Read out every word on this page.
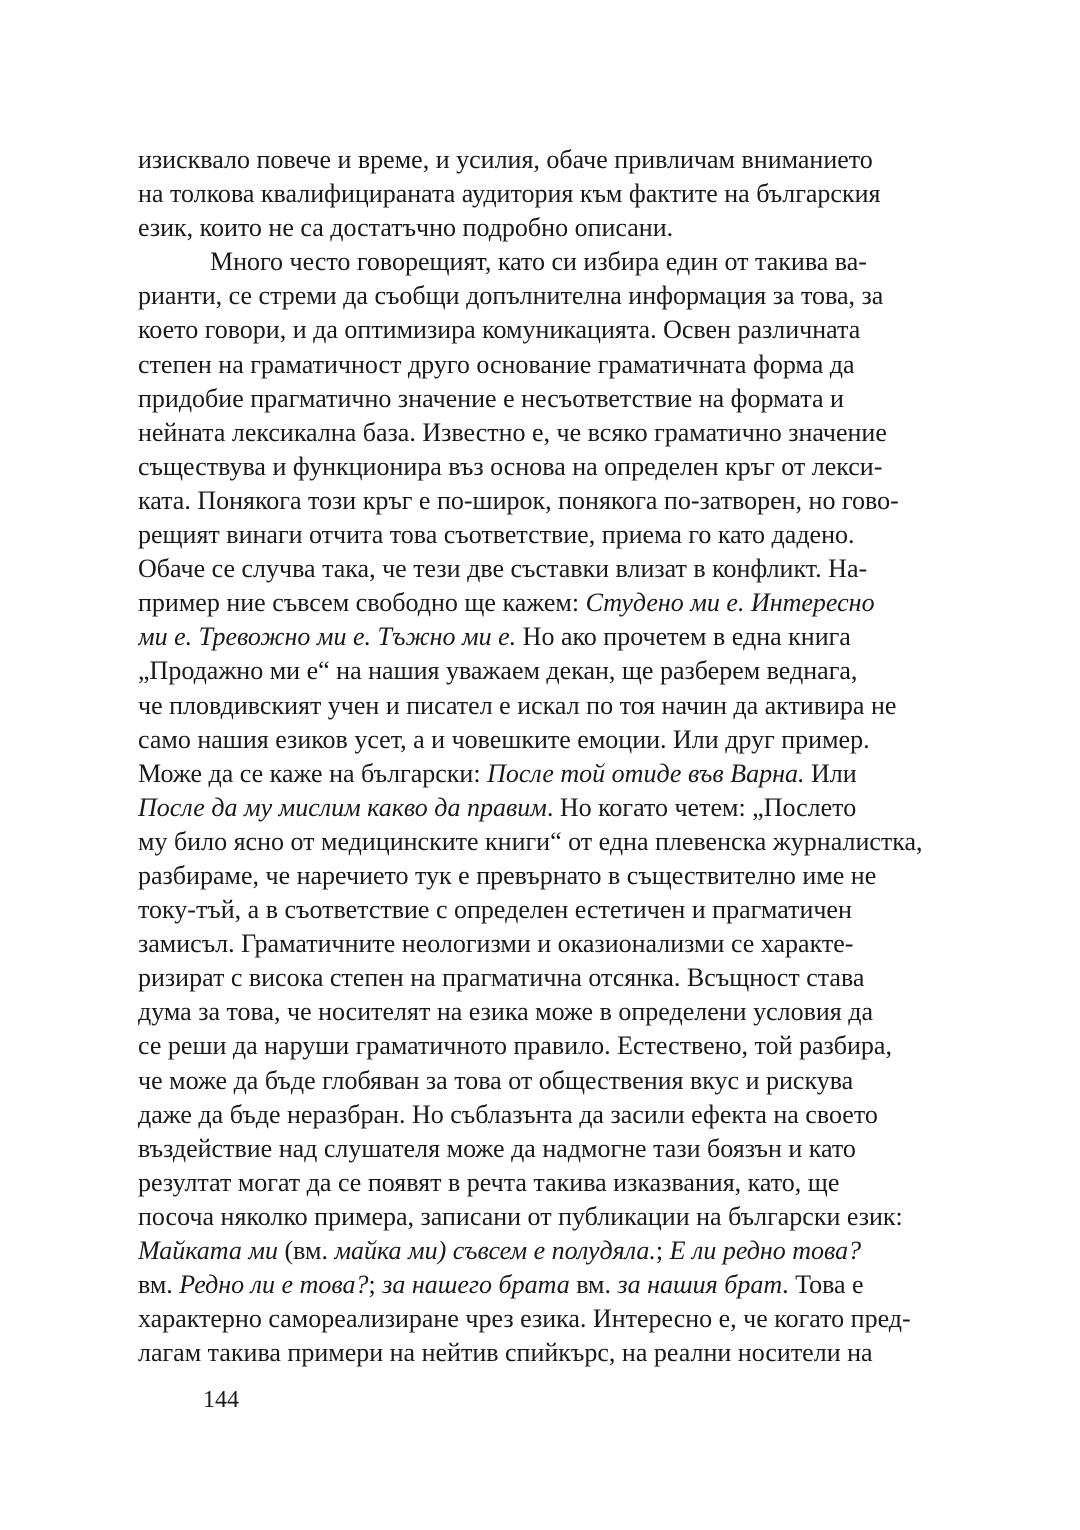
изисквало повече и време, и усилия, обаче привличам вниманието
на толкова квалифицираната аудитория към фактите на българския
език, които не са достатъчно подробно описани.
Много често говорещият, като си избира един от такива ва-
рианти, се стреми да съобщи допълнителна информация за това, за
което говори, и да оптимизира комуникацията. Освен различната
степен на граматичност друго основание граматичната форма да
придобие прагматично значение е несъответствие на формата и
нейната лексикална база. Известно е, че всяко граматично значение
съществува и функционира въз основа на определен кръг от лекси-
ката. Понякога този кръг е по-широк, понякога по-затворен, но гово-
рещият винаги отчита това съответствие, приема го като дадено.
Обаче се случва така, че тези две съставки влизат в конфликт. На-
пример ние съвсем свободно ще кажем: Студено ми е. Интересно
ми е. Тревожно ми е. Тъжно ми е. Но ако прочетем в една книга
„Продажно ми е“ на нашия уважаем декан, ще разберем веднага,
че пловдивският учен и писател е искал по тоя начин да активира не
само нашия езиков усет, а и човешките емоции. Или друг пример.
Може да се каже на български: После той отиде във Варна. Или
После да му мислим какво да правим. Но когато четем: „Послето
му било ясно от медицинските книги“ от една плевенска журналистка,
разбираме, че наречието тук е превърнато в съществително име не
току-тъй, а в съответствие с определен естетичен и прагматичен
замисъл. Граматичните неологизми и оказионализми се характе-
ризират с висока степен на прагматична отсянка. Всъщност става
дума за това, че носителят на езика може в определени условия да
се реши да наруши граматичното правило. Естествено, той разбира,
че може да бъде глобяван за това от обществения вкус и рискува
даже да бъде неразбран. Но съблазънта да засили ефекта на своето
въздействие над слушателя може да надмогне тази боязън и като
резултат могат да се появят в речта такива изказвания, като, ще
посоча няколко примера, записани от публикации на български език:
Майката ми (вм. майка ми) съвсем е полудяла.; Е ли редно това?
вм. Редно ли е това?; за нашего брата вм. за нашия брат. Това е
характерно самореализиране чрез езика. Интересно е, че когато пред-
лагам такива примери на нейтив спийкърс, на реални носители на
144
